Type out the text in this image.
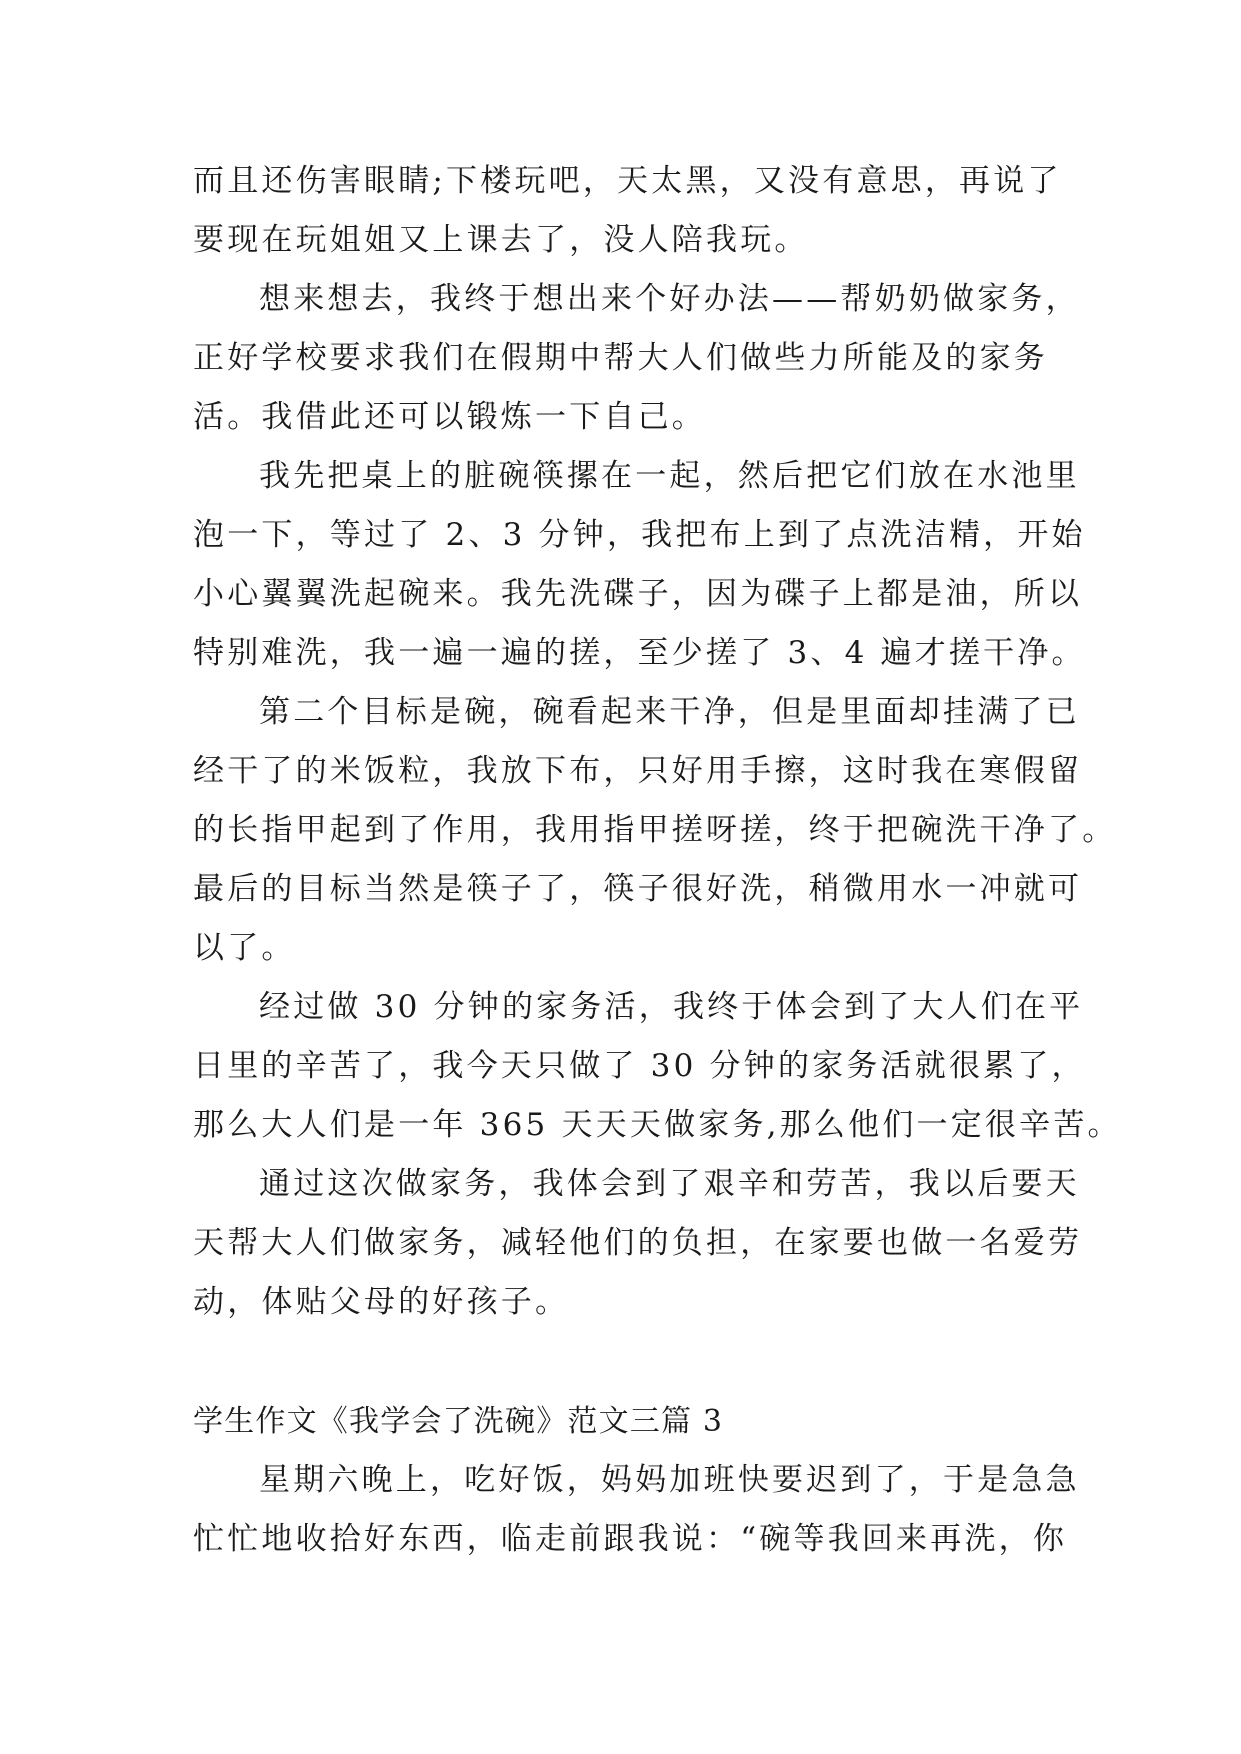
而且还伤害眼睛;下楼玩吧，天太黑，又没有意思，再说了
要现在玩姐姐又上课去了，没人陪我玩。
想来想去，我终于想出来个好办法——帮奶奶做家务，
正好学校要求我们在假期中帮大人们做些力所能及的家务
活。我借此还可以锻炼一下自己。
我先把桌上的脏碗筷摞在一起，然后把它们放在水池里
泡一下，等过了 2、3 分钟，我把布上到了点洗洁精，开始
小心翼翼洗起碗来。我先洗碟子，因为碟子上都是油，所以
特别难洗，我一遍一遍的搓，至少搓了 3、4 遍才搓干净。
第二个目标是碗，碗看起来干净，但是里面却挂满了已
经干了的米饭粒，我放下布，只好用手擦，这时我在寒假留
的长指甲起到了作用，我用指甲搓呀搓，终于把碗洗干净了。
最后的目标当然是筷子了，筷子很好洗，稍微用水一冲就可
以了。
经过做 30 分钟的家务活，我终于体会到了大人们在平
日里的辛苦了，我今天只做了 30 分钟的家务活就很累了，
那么大人们是一年 365 天天天做家务,那么他们一定很辛苦。
通过这次做家务，我体会到了艰辛和劳苦，我以后要天
天帮大人们做家务，减轻他们的负担，在家要也做一名爱劳
动，体贴父母的好孩子。
学生作文《我学会了洗碗》范文三篇 3
星期六晚上，吃好饭，妈妈加班快要迟到了，于是急急
忙忙地收拾好东西，临走前跟我说：“碗等我回来再洗，你
